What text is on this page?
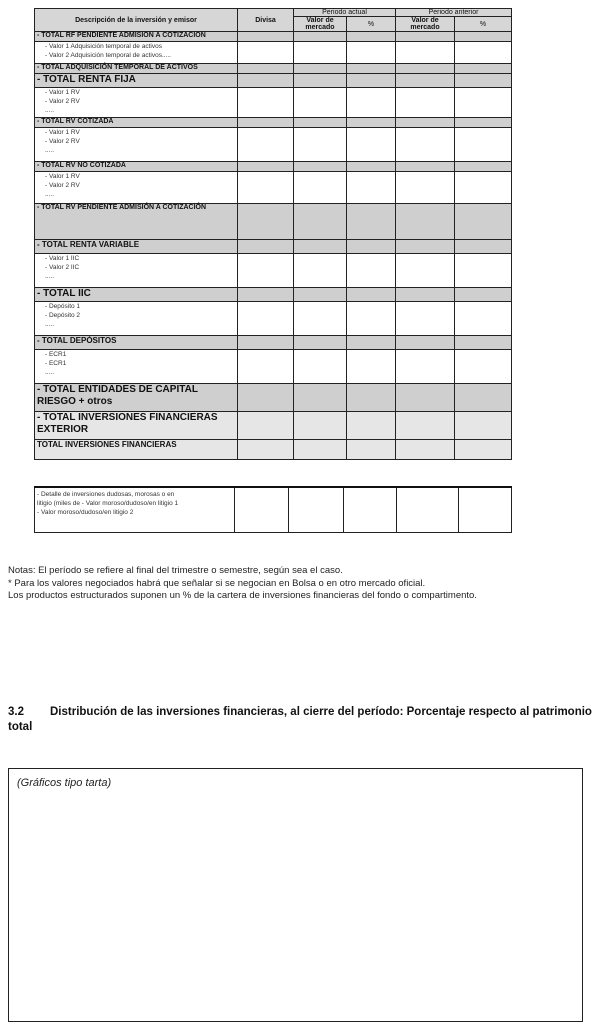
Descripción de la inversión y emisor	Divisa	Periodo actual		Periodo anterior	
		Valor de mercado	%	Valor de mercado	%
- TOTAL RF PENDIENTE ADMISION A COTIZACION					

- Valor 1 Adquisición temporal de activos
- Valor 2 Adquisición temporal de activos.....					

- TOTAL ADQUISICIÓN TEMPORAL DE ACTIVOS					
- TOTAL RENTA FIJA					

- Valor 1 RV
- Valor 2 RV
.....					

- TOTAL RV COTIZADA					

- Valor 1 RV
- Valor 2 RV
.....					

- TOTAL RV NO COTIZADA					

- Valor 1 RV
- Valor 2 RV
.....					

- TOTAL RV PENDIENTE ADMISIÓN A COTIZACIÓN					
- TOTAL RENTA VARIABLE					

- Valor 1 IIC
- Valor 2 IIC
.....					

- TOTAL IIC					

- Depósito 1
- Depósito 2
.....					

- TOTAL DEPÓSITOS					

- ECR1
- ECR1
.....					

- TOTAL ENTIDADES DE CAPITAL RIESGO + otros					
- TOTAL INVERSIONES FINANCIERAS EXTERIOR					
TOTAL INVERSIONES FINANCIERAS					
- Detalle de inversiones dudosas, morosas o en
litigio (miles de - Valor moroso/dudoso/en litigio 1
- Valor moroso/dudoso/en litigio 2

Notas: El período se refiere al final del trimestre o semestre, según sea el caso.

* Para los valores negociados habrá que señalar si se negocian en Bolsa o en otro mercado oficial.

Los productos estructurados suponen un % de la cartera de inversiones financieras del fondo o compartimento.

3.2 Distribución de las inversiones financieras, al cierre del período: Porcentaje respecto al patrimonio total
(Gráficos tipo tarta)
